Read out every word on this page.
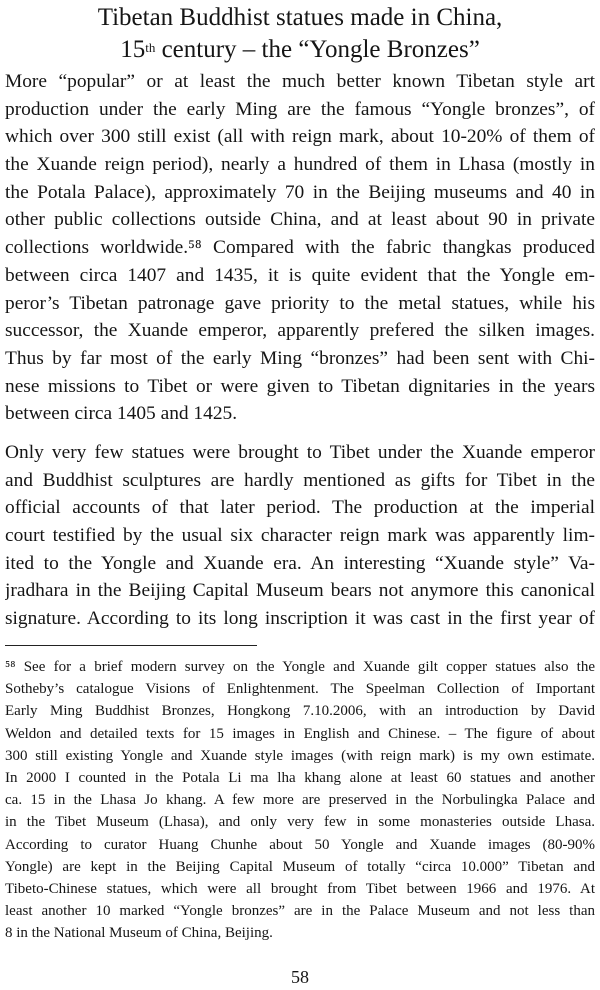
Tibetan Buddhist statues made in China,
15th century – the “Yongle Bronzes”
More “popular” or at least the much better known Tibetan style art
production under the early Ming are the famous “Yongle bronzes”, of
which over 300 still exist (all with reign mark, about 10-20% of them of
the Xuande reign period), nearly a hundred of them in Lhasa (mostly in
the Potala Palace), approximately 70 in the Beijing museums and 40 in
other public collections outside China, and at least about 90 in private
collections worldwide.⁵⁸ Compared with the fabric thangkas produced
between circa 1407 and 1435, it is quite evident that the Yongle em-
peror’s Tibetan patronage gave priority to the metal statues, while his
successor, the Xuande emperor, apparently prefered the silken images.
Thus by far most of the early Ming “bronzes” had been sent with Chi-
nese missions to Tibet or were given to Tibetan dignitaries in the years
between circa 1405 and 1425.
Only very few statues were brought to Tibet under the Xuande emperor
and Buddhist sculptures are hardly mentioned as gifts for Tibet in the
official accounts of that later period. The production at the imperial
court testified by the usual six character reign mark was apparently lim-
ited to the Yongle and Xuande era. An interesting “Xuande style” Va-
jradhara in the Beijing Capital Museum bears not anymore this canonical
signature. According to its long inscription it was cast in the first year of
⁵⁸ See for a brief modern survey on the Yongle and Xuande gilt copper statues also the
Sotheby’s catalogue Visions of Enlightenment. The Speelman Collection of Important
Early Ming Buddhist Bronzes, Hongkong 7.10.2006, with an introduction by David
Weldon and detailed texts for 15 images in English and Chinese. – The figure of about
300 still existing Yongle and Xuande style images (with reign mark) is my own estimate.
In 2000 I counted in the Potala Li ma lha khang alone at least 60 statues and another
ca. 15 in the Lhasa Jo khang. A few more are preserved in the Norbulingka Palace and
in the Tibet Museum (Lhasa), and only very few in some monasteries outside Lhasa.
According to curator Huang Chunhe about 50 Yongle and Xuande images (80-90%
Yongle) are kept in the Beijing Capital Museum of totally “circa 10.000” Tibetan and
Tibeto-Chinese statues, which were all brought from Tibet between 1966 and 1976. At
least another 10 marked “Yongle bronzes” are in the Palace Museum and not less than
8 in the National Museum of China, Beijing.
58
